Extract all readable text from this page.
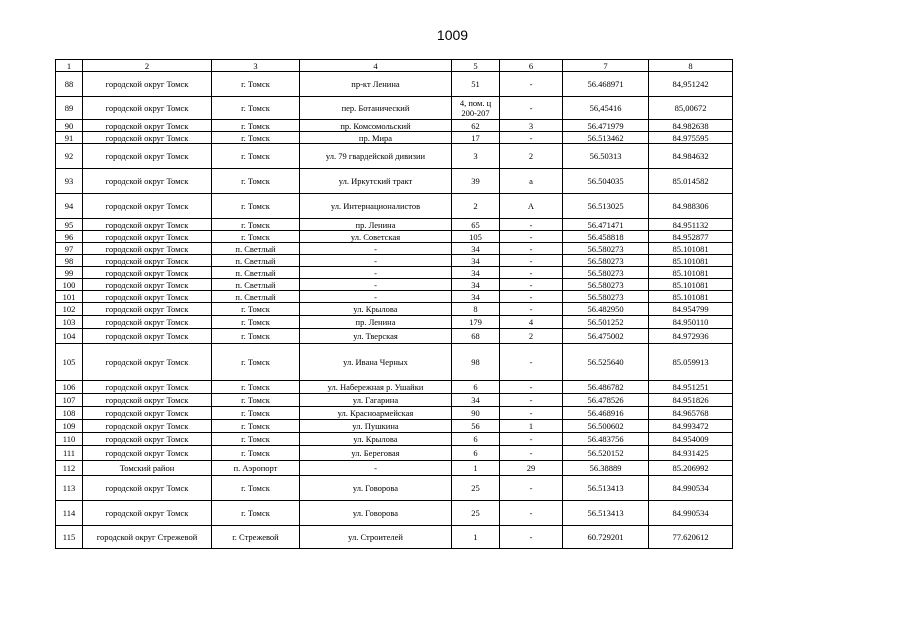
1009
1	2	3	4	5	6	7	8
88	городской округ Томск	г. Томск	пр-кт Ленина	51	-	56.468971	84,951242
89	городской округ Томск	г. Томск	пер. Ботанический	4, пом. ц 200-207	-	56,45416	85,00672
90	городской округ Томск	г. Томск	пр. Комсомольский	62	3	56.471979	84.982638
91	городской округ Томск	г. Томск	пр. Мира	17	-	56.513462	84.975595
92	городской округ Томск	г. Томск	ул. 79 гвардейской дивизии	3	2	56.50313	84.984632
93	городской округ Томск	г. Томск	ул. Иркутский тракт	39	а	56.504035	85.014582
94	городской округ Томск	г. Томск	ул. Интернационалистов	2	А	56.513025	84.988306
95	городской округ Томск	г. Томск	пр. Ленина	65	-	56.471471	84.951132
96	городской округ Томск	г. Томск	ул. Советская	105	-	56.458818	84.952877
97	городской округ Томск	п. Светлый	-	34	-	56.580273	85.101081
98	городской округ Томск	п. Светлый	-	34	-	56.580273	85.101081
99	городской округ Томск	п. Светлый	-	34	-	56.580273	85.101081
100	городской округ Томск	п. Светлый	-	34	-	56.580273	85.101081
101	городской округ Томск	п. Светлый	-	34	-	56.580273	85.101081
102	городской округ Томск	г. Томск	ул. Крылова	8	-	56.482950	84.954799
103	городской округ Томск	г. Томск	пр. Ленина	179	4	56.501252	84.950110
104	городской округ Томск	г. Томск	ул. Тверская	68	2	56.475002	84.972936
105	городской округ Томск	г. Томск	ул. Ивана Черных	98	-	56.525640	85.059913
106	городской округ Томск	г. Томск	ул. Набережная р. Ушайки	6	-	56.486782	84.951251
107	городской округ Томск	г. Томск	ул. Гагарина	34	-	56.478526	84.951826
108	городской округ Томск	г. Томск	ул. Красноармейская	90	-	56.468916	84.965768
109	городской округ Томск	г. Томск	ул. Пушкина	56	1	56.500602	84.993472
110	городской округ Томск	г. Томск	ул. Крылова	6	-	56.483756	84.954009
111	городской округ Томск	г. Томск	ул. Береговая	6	-	56.520152	84.931425
112	Томский район	п. Аэропорт	-	1	29	56.38889	85.206992
113	городской округ Томск	г. Томск	ул. Говорова	25	-	56.513413	84.990534
114	городской округ Томск	г. Томск	ул. Говорова	25	-	56.513413	84.990534
115	городской округ Стрежевой	г. Стрежевой	ул. Строителей	1	-	60.729201	77.620612
